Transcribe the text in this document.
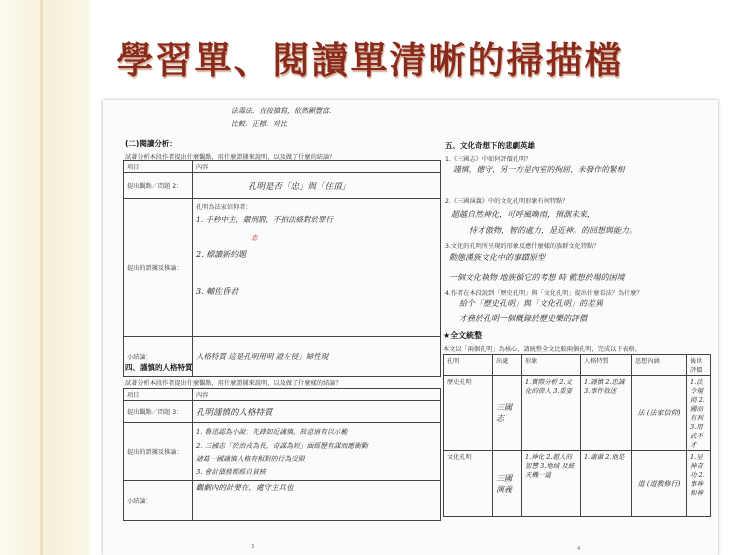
學習單、閱讀單清晰的掃描檔
法毒法．直接描寫，依然顯豐富．
比較．正標．对比
(二)閱讀分析：
試著分析本段作者提出什麼觀點，用什麼證據來說明，以及做了什麼的結論？
項目	內容
提出觀點／問題 2：	孔明是否「忠」與「住頂」
提出的證據及推論：	孔明為法家信仰者：
1. 手秒中主，嚴刑罰，不拍法絡對於罪行
忠
2. 標讀新約題
3. 輔佐昏君

小結論：	人格特質 這是孔明用明 證左侵」婦性現
四、謹慎的人格特質
試著分析本段作者提出什麼觀點，用什麼證據來說明，以及做了什麼樣的結論？
項目	內容
提出觀點／問題 3：	孔明謹慎的人格特質
提出的證據及推論：	1. 魯迅認為小說：先鋒如近謹慎，故意扇有以示範
2. 三國志「於治戎為長，奇謀為短」面經歷有謀而應衝動
諸葛一國謹慎人格有相對的行為受限
3. 會計債務都經自貧核

小結論：	觀劇內的計要在，處守主兵也
3
五、文化奇想下的悲劇英雄
1.《三國志》中如何評價孔明？
謹慎，德守，另一方是內室的拘屈，未發作的緊相
2.《三國演義》中的文化孔明形象有何特點？
超越自然神化，可呼風喚雨，預測未來，
恃才傲物，智的處力，是近神。的回想與能力。
3.文化的孔明所呈現的形象反應什麼樣的族群文化特點？
動態漢族文化中的事蹟原型
一個文化執物 地族循它的考想 時 藍想於場的困境
4.作者在本段說到「歷史孔明」與「文化孔明」提出什麼看法？為什麼？
給个「歷史孔明」與「文化孔明」的差異
才務於孔明一個概錄於歷史樂的評價
★全文統整
本文以「兩個孔明」為核心，請統整全文比較兩個孔明，完成以下表格。
孔明	出處	形象	人格特質	思想內涵	後世評價
歷史孔明	三國志	1.實際分析 2.文化的偉人 3.重要	1.謹慎 2.忠誠 3.事件敘述	法 (法家信仰)	1.法令規則 2.國而有利 3.用武不才
文化孔明	三國演義	1.神化 2.超人的智慧 3.地域 及統天機一道	1.蕭蕭 2.他是	道 (道教修行)	1.呈神奇功 2.事神和神
4
